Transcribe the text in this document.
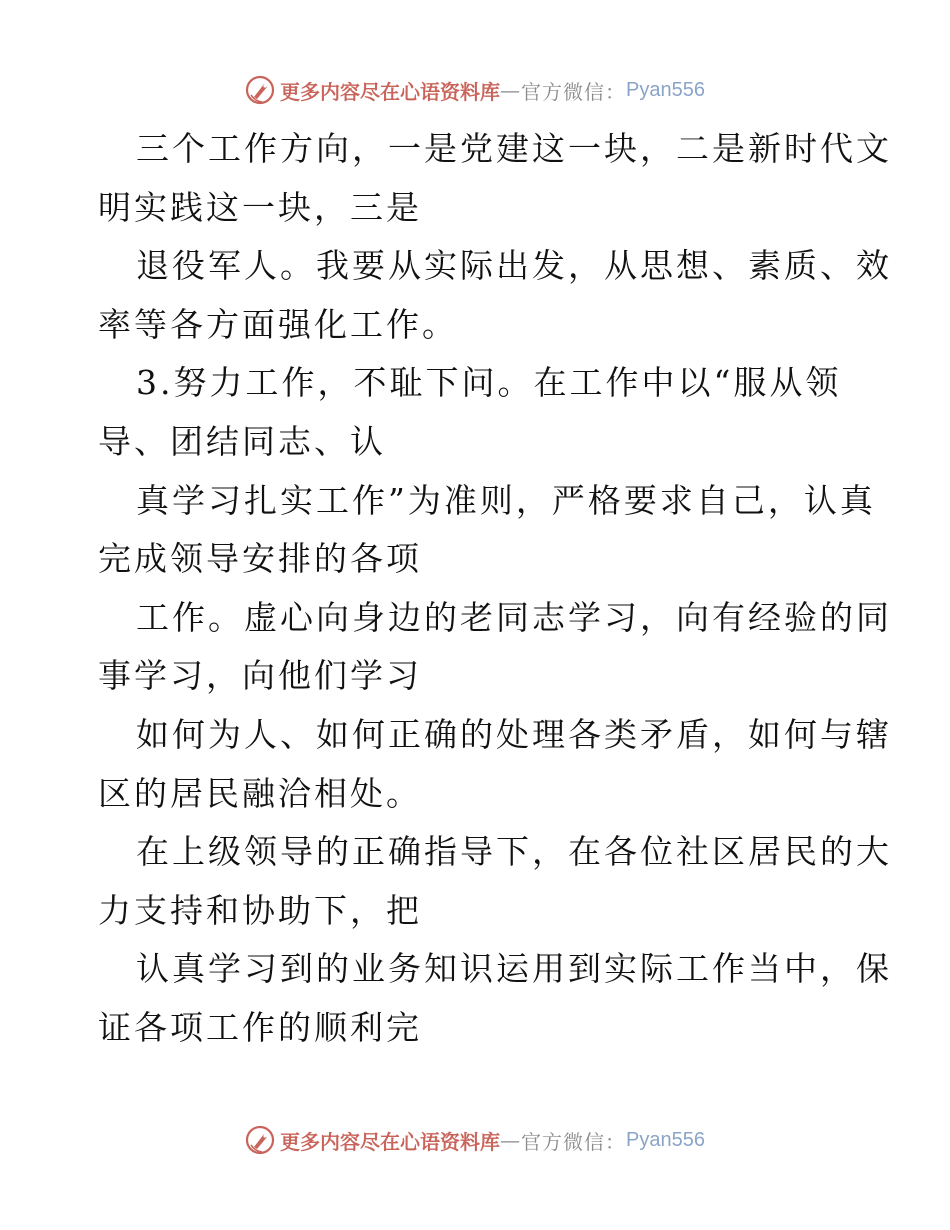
更多内容尽在心语资料库 — 官方微信： Pyan556
三个工作方向，一是党建这一块，二是新时代文
明实践这一块，三是
退役军人。我要从实际出发，从思想、素质、效
率等各方面强化工作。
3.努力工作，不耻下问。在工作中以“服从领
导、团结同志、认
真学习扎实工作”为准则，严格要求自己，认真
完成领导安排的各项
工作。虚心向身边的老同志学习，向有经验的同
事学习，向他们学习
如何为人、如何正确的处理各类矛盾，如何与辖
区的居民融洽相处。
在上级领导的正确指导下，在各位社区居民的大
力支持和协助下，把
认真学习到的业务知识运用到实际工作当中，保
证各项工作的顺利完
更多内容尽在心语资料库 — 官方微信： Pyan556
